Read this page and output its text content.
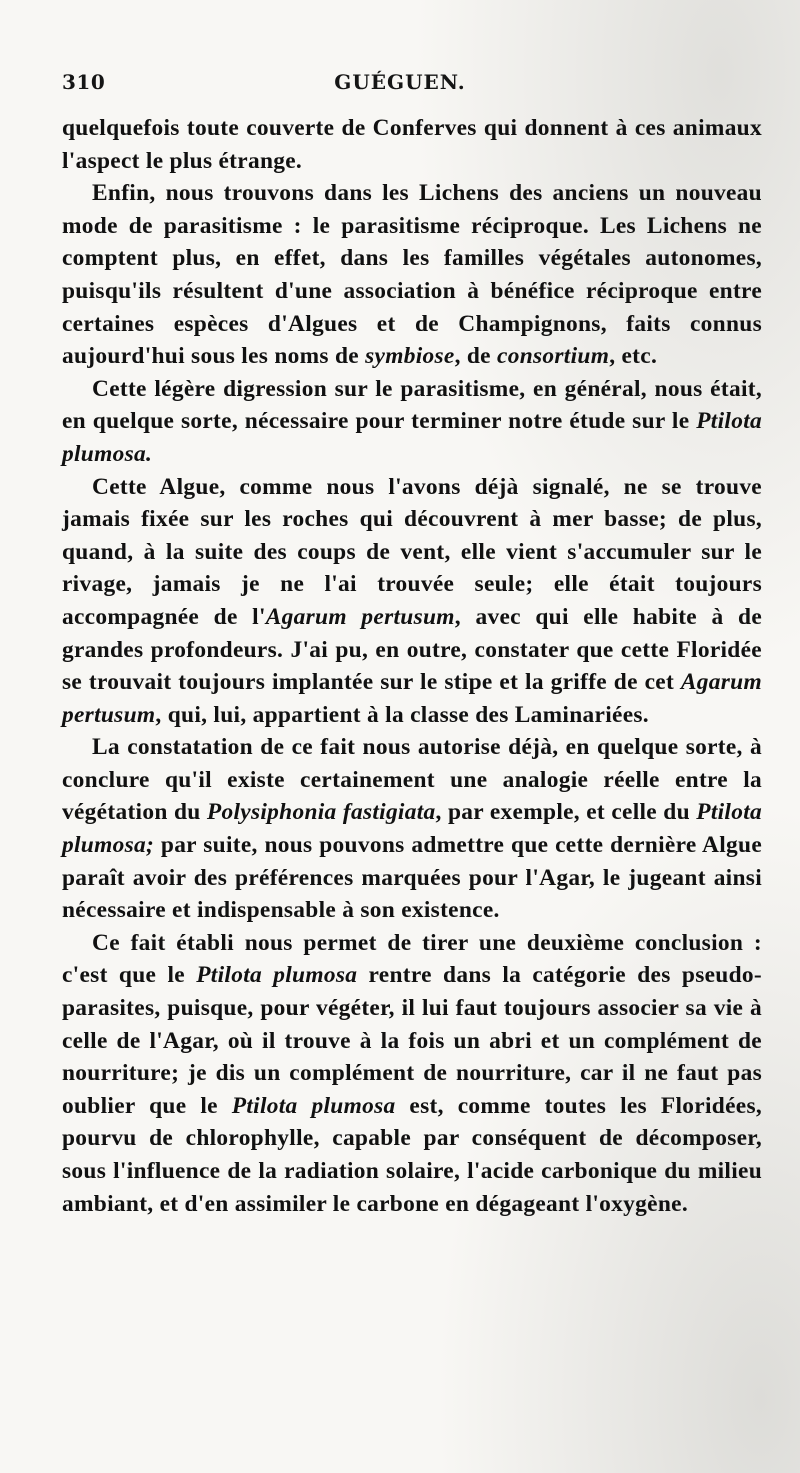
310	GUÉGUEN.

quelquefois toute couverte de Conferves qui donnent à ces animaux l'aspect le plus étrange.

Enfin, nous trouvons dans les Lichens des anciens un nouveau mode de parasitisme : le parasitisme réciproque. Les Lichens ne comptent plus, en effet, dans les familles végétales autonomes, puisqu'ils résultent d'une association à bénéfice réciproque entre certaines espèces d'Algues et de Champignons, faits connus aujourd'hui sous les noms de symbiose, de consortium, etc.

Cette légère digression sur le parasitisme, en général, nous était, en quelque sorte, nécessaire pour terminer notre étude sur le Ptilota plumosa.

Cette Algue, comme nous l'avons déjà signalé, ne se trouve jamais fixée sur les roches qui découvrent à mer basse; de plus, quand, à la suite des coups de vent, elle vient s'accumuler sur le rivage, jamais je ne l'ai trouvée seule; elle était toujours accompagnée de l'Agarum pertusum, avec qui elle habite à de grandes profondeurs. J'ai pu, en outre, constater que cette Floridée se trouvait toujours implantée sur le stipe et la griffe de cet Agarum pertusum, qui, lui, appartient à la classe des Laminariées.

La constatation de ce fait nous autorise déjà, en quelque sorte, à conclure qu'il existe certainement une analogie réelle entre la végétation du Polysiphonia fastigiata, par exemple, et celle du Ptilota plumosa; par suite, nous pouvons admettre que cette dernière Algue paraît avoir des préférences marquées pour l'Agar, le jugeant ainsi nécessaire et indispensable à son existence.

Ce fait établi nous permet de tirer une deuxième conclusion : c'est que le Ptilota plumosa rentre dans la catégorie des pseudo-parasites, puisque, pour végéter, il lui faut toujours associer sa vie à celle de l'Agar, où il trouve à la fois un abri et un complément de nourriture; je dis un complément de nourriture, car il ne faut pas oublier que le Ptilota plumosa est, comme toutes les Floridées, pourvu de chlorophylle, capable par conséquent de décomposer, sous l'influence de la radiation solaire, l'acide carbonique du milieu ambiant, et d'en assimiler le carbone en dégageant l'oxygène.
